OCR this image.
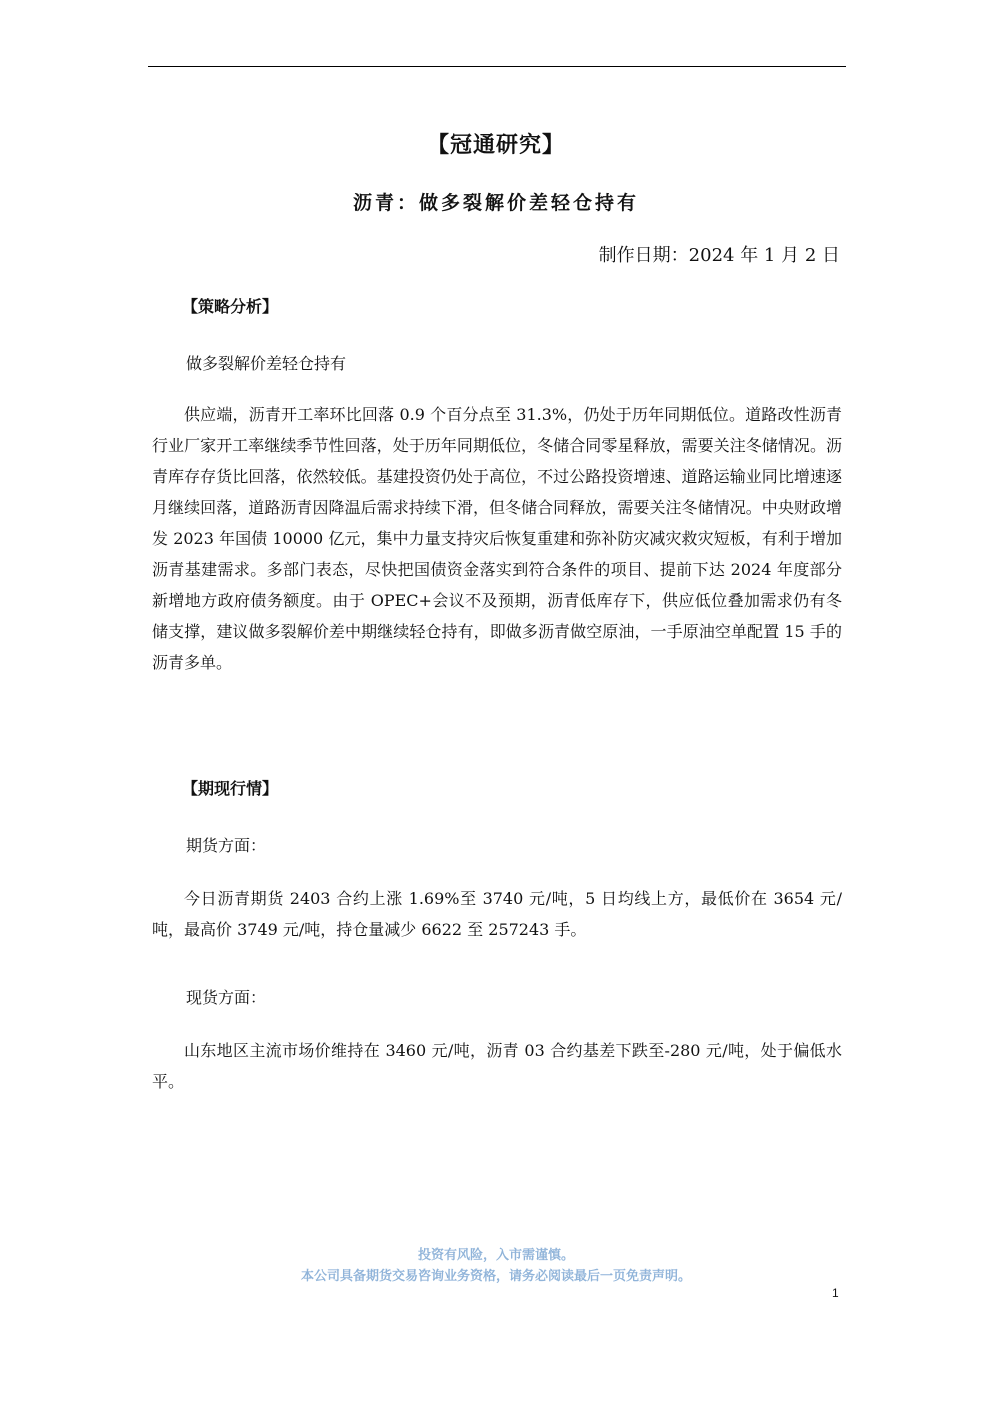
【冠通研究】
沥青：做多裂解价差轻仓持有
制作日期：2024 年 1 月 2 日
【策略分析】

做多裂解价差轻仓持有

供应端，沥青开工率环比回落 0.9 个百分点至 31.3%，仍处于历年同期低位。道路改性沥青行业厂家开工率继续季节性回落，处于历年同期低位，冬储合同零星释放，需要关注冬储情况。沥青库存存货比回落，依然较低。基建投资仍处于高位，不过公路投资增速、道路运输业同比增速逐月继续回落，道路沥青因降温后需求持续下滑，但冬储合同释放，需要关注冬储情况。中央财政增发 2023 年国债 10000 亿元，集中力量支持灾后恢复重建和弥补防灾减灾救灾短板，有利于增加沥青基建需求。多部门表态，尽快把国债资金落实到符合条件的项目、提前下达 2024 年度部分新增地方政府债务额度。由于 OPEC+会议不及预期，沥青低库存下，供应低位叠加需求仍有冬储支撑，建议做多裂解价差中期继续轻仓持有，即做多沥青做空原油，一手原油空单配置 15 手的沥青多单。

【期现行情】

期货方面：

今日沥青期货 2403 合约上涨 1.69%至 3740 元/吨，5 日均线上方，最低价在 3654 元/吨，最高价 3749 元/吨，持仓量减少 6622 至 257243 手。

现货方面：

山东地区主流市场价维持在 3460 元/吨，沥青 03 合约基差下跌至-280 元/吨，处于偏低水平。

投资有风险，入市需谨慎。

本公司具备期货交易咨询业务资格，请务必阅读最后一页免责声明。

1
